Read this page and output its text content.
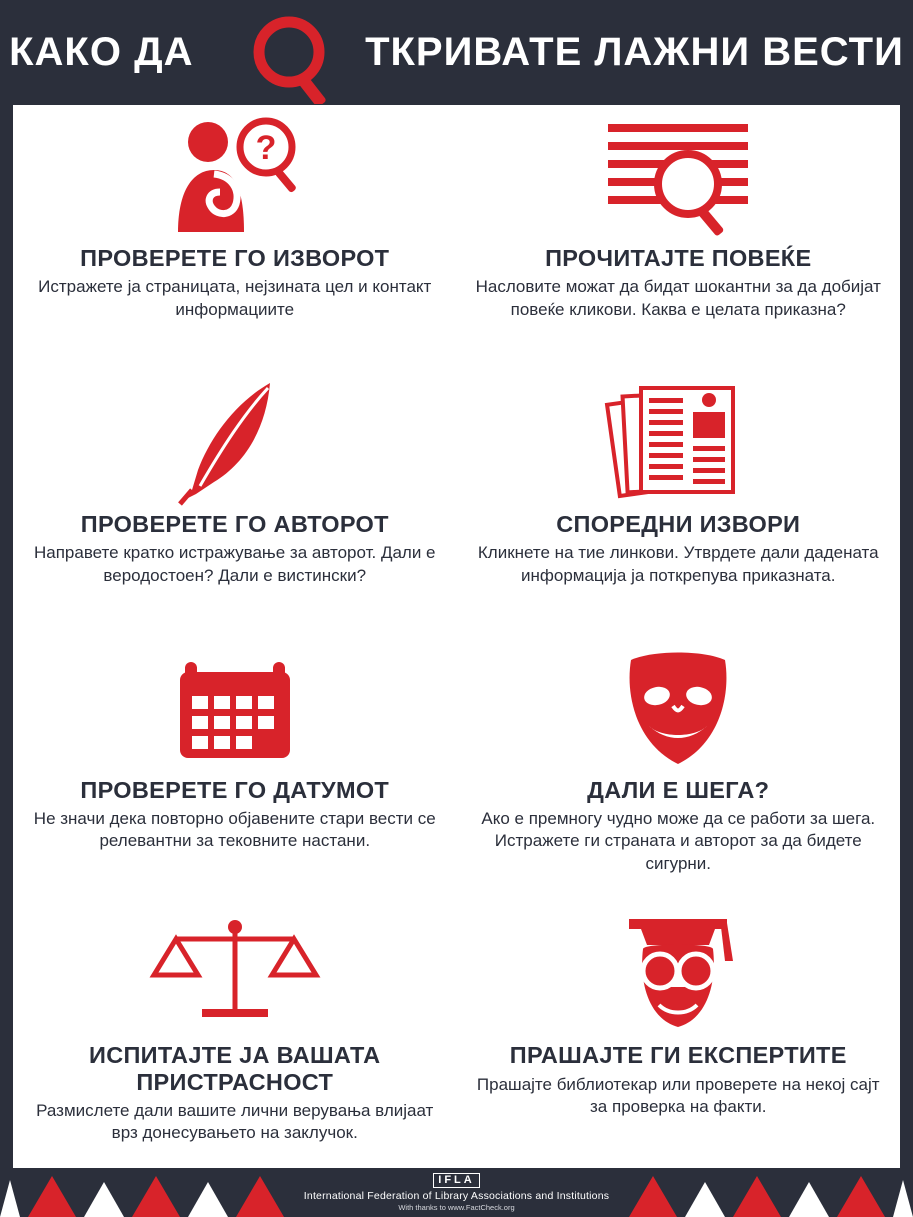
КАКО ДА	ТКРИВАТЕ ЛАЖНИ ВЕСТИ
?
ПРОВЕРЕТЕ ГО ИЗВОРОТ
Истражете ја страницата, нејзината цел и контакт информациите
ПРОЧИТАЈТЕ ПОВЕЌЕ
Насловите можат да бидат шокантни за да добијат повеќе кликови. Каква е целата приказна?
ПРОВЕРЕТЕ ГО АВТОРОТ
Направете кратко истражување за авторот. Дали е веродостоен? Дали е вистински?
СПОРЕДНИ ИЗВОРИ
Кликнете на тие линкови. Утврдете дали дадената информација ја поткрепува приказната.
ПРОВЕРЕТЕ ГО ДАТУМОТ
Не значи дека повторно објавените стари вести се релевантни за тековните настани.
ДАЛИ Е ШЕГА?
Ако е премногу чудно може да се работи за шега. Истражете ги страната и авторот за да бидете сигурни.
ИСПИТАЈТЕ ЈА ВАШАТА ПРИСТРАСНОСТ
Размислете дали вашите лични верувања влијаат врз донесувањето на заклучок.
ПРАШАЈТЕ ГИ ЕКСПЕРТИТЕ
Прашајте библиотекар или проверете на некој сајт за проверка на факти.
IFLA
International Federation of Library Associations and Institutions
With thanks to www.FactCheck.org
